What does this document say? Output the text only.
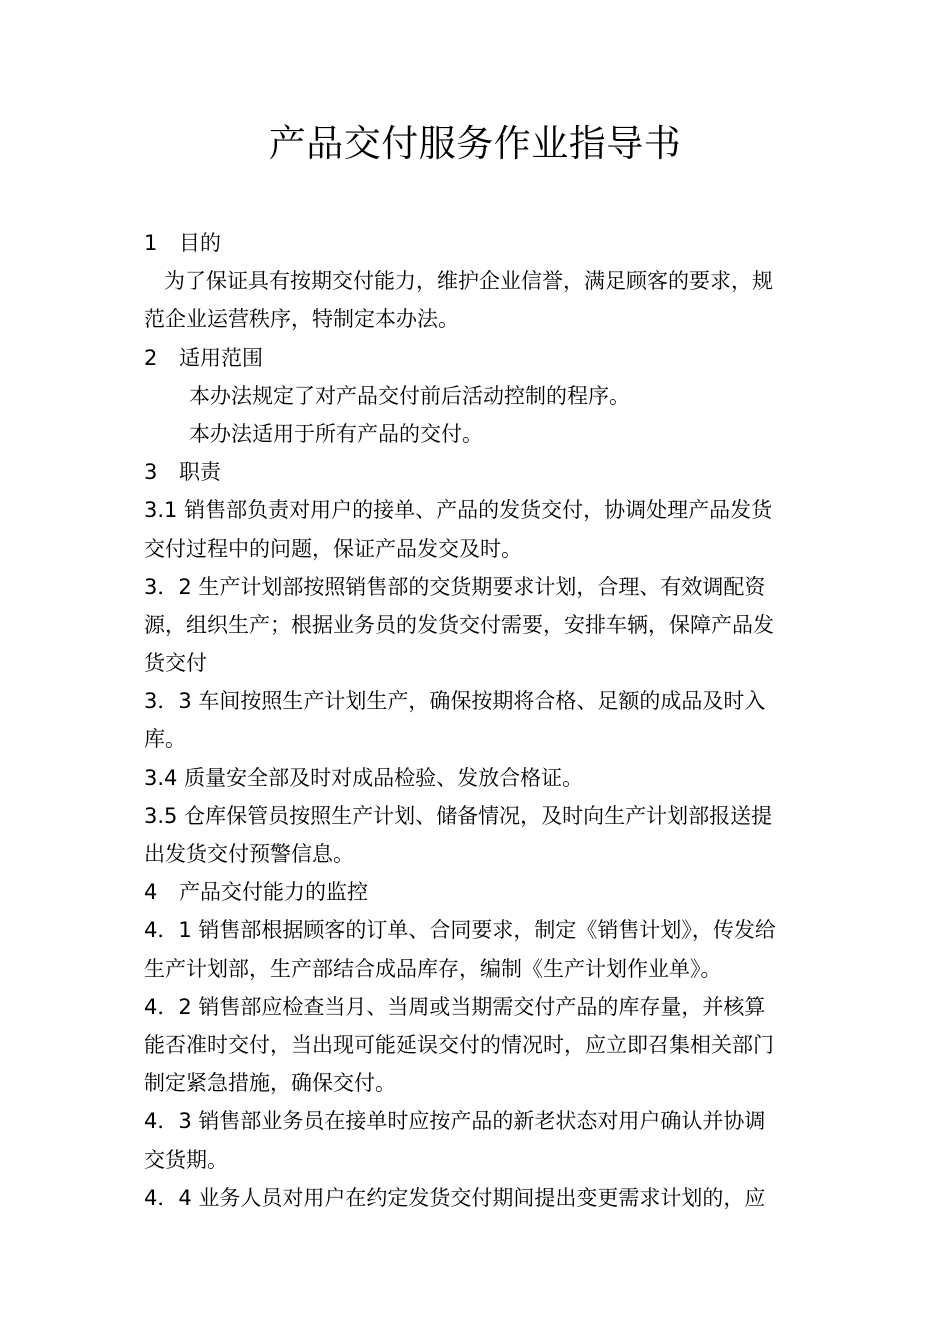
产品交付服务作业指导书
1 目的
为了保证具有按期交付能力，维护企业信誉，满足顾客的要求，规
范企业运营秩序，特制定本办法。
2 适用范围
本办法规定了对产品交付前后活动控制的程序。
本办法适用于所有产品的交付。
3 职责
3.1 销售部负责对用户的接单、产品的发货交付，协调处理产品发货
交付过程中的问题，保证产品发交及时。
3．2 生产计划部按照销售部的交货期要求计划，合理、有效调配资
源，组织生产；根据业务员的发货交付需要，安排车辆，保障产品发
货交付
3．3 车间按照生产计划生产，确保按期将合格、足额的成品及时入
库。
3.4 质量安全部及时对成品检验、发放合格证。
3.5 仓库保管员按照生产计划、储备情况，及时向生产计划部报送提
出发货交付预警信息。
4 产品交付能力的监控
4．1 销售部根据顾客的订单、合同要求，制定《销售计划》，传发给
生产计划部，生产部结合成品库存，编制《生产计划作业单》。
4．2 销售部应检查当月、当周或当期需交付产品的库存量，并核算
能否准时交付，当出现可能延误交付的情况时，应立即召集相关部门
制定紧急措施，确保交付。
4．3 销售部业务员在接单时应按产品的新老状态对用户确认并协调
交货期。
4．4 业务人员对用户在约定发货交付期间提出变更需求计划的，应
